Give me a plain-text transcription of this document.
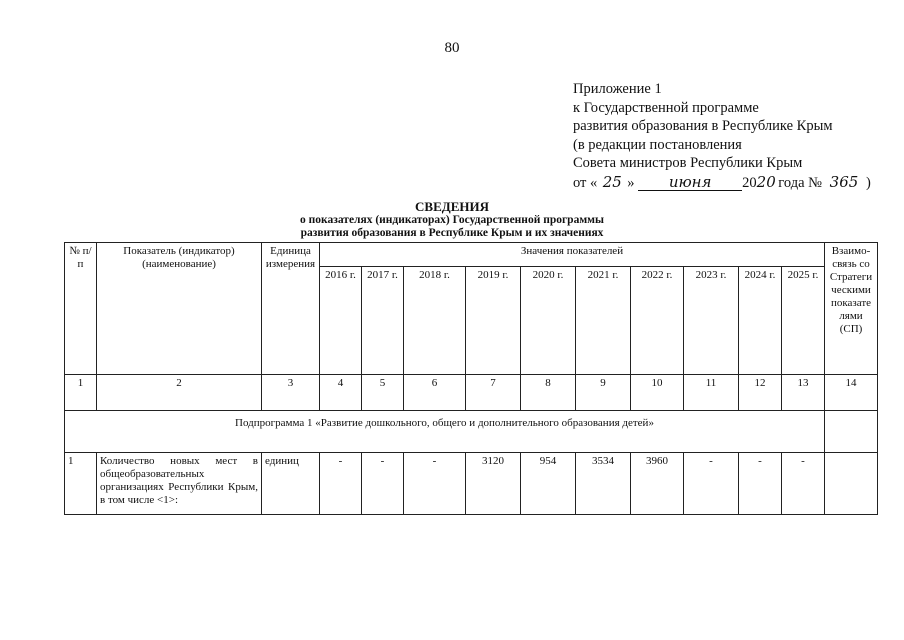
80
Приложение 1
к Государственной программе
развития образования в Республике Крым
(в редакции постановления
Совета министров Республики Крым
от « 25 » июня 2020 года № 365 )
СВЕДЕНИЯ
о показателях (индикаторах) Государственной программы
развития образования в Республике Крым и их значениях
№ п/п	Показатель (индикатор) (наименование)	Единица измерения	Значения показателей										Взаимо- связь со Стратеги ческими показате лями (СП)
			2016 г.	2017 г.	2018 г.	2019 г.	2020 г.	2021 г.	2022 г.	2023 г.	2024 г.	2025 г.	
1	2	3	4	5	6	7	8	9	10	11	12	13	14
Подпрограмма 1 «Развитие дошкольного, общего и дополнительного образования детей»													
1	Количество новых мест в общеобразовательных организациях Республики Крым, в том числе <1>:	единиц	-	-	-	3120	954	3534	3960	-	-	-	
